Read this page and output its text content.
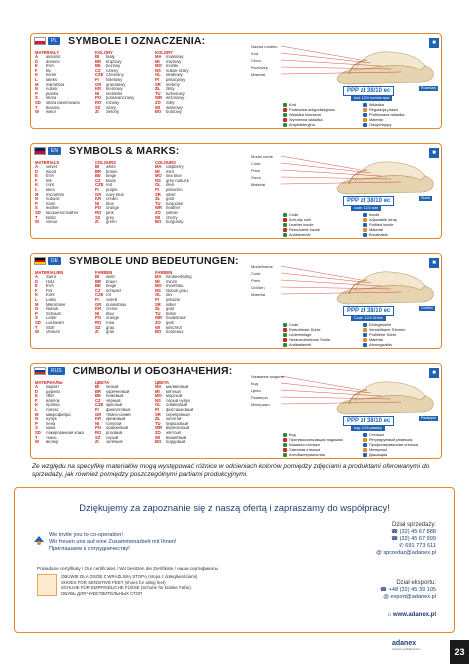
PL SYMBOLE I OZNACZENIA:
MATERIAŁY
A	aksamit
D	drewno
E	EVA
F	filc
K	korek
L	lateks
M	mikrofibra
N	nubuk
P	pianka
S	skóra
SD	skóra lakierowana
T	tkanina
W	welur
KOLORY
BI	biały
BR	brązowy
BE	beżowy
CZ	czarny
CZE czerwony
FI	fioletowy
GR	granatowy
KR	kremowy
NI	niebieski
PO	pomarańczowy
RÓ	różowy
SZ	szary
ZI	zielony
KOLORY
MA	malinowy
MI	miętowy
MO	morski
NS	nubuk szary
OL	oliwkowy
PI	pistacjowy
SR	srebrny
ZŁ	złoty
TU	turkusowy
WR wrzosowy
ŻÓ	żółty
WI	wiśniowy
BO	bordowy
Nazwa modelu
Kod
Cena
Rozmiary
Materiał
PPP zł 38/10 ec
kod: 12/4 rozmiar wpa
Rozmiary
■
Kod	Wkładka
Podeszwa antypoślizgowa	Regulacja paska
Wkładka skórzana	Profilowana wkładka
Wymienna wkładka	Materiał
Antybakteryjna	Oddychający
EN SYMBOLS & MARKS:
MATERIALS
A	velvet
D	wood
E	EVA
F	felt
K	cork
L	latex
M	microfibre
N	nubuck
P	foam
S	leather
SD	lacquered leather
T	fabric
W	velour
COLOURS
BI	white
BR	brown
BE	beige
CZ	black
CZE red
FI	purple
GR	navy blue
KR	cream
NI	blue
PO	orange
RÓ	pink
SZ	grey
ZI	green
COLOURS
MA	raspberry
MI	mint
MO	sea blue
NS	grey nubuck
OL	olive
PI	pistachio
SR	silver
ZŁ	gold
TU	turquoise
WR heather
ŻÓ	yellow
WI	cherry
BO	burgundy
Model name
Code
Price
Sizes
Material
PPP zł 38/10 ec
code: 12/4 size
Sizes
■
Code	Insole
Anti-slip sole	Adjustable strap
Leather insole	Profiled insole
Removable insole	Material
Antibacterial	Breathable
DE SYMBOLE UND BEDEUTUNGEN:
MATERIALIEN
A	Samt
D	Holz
E	EVA
F	Filz
K	Kork
L	Latex
M	Mikrofaser
N	Nubuk
P	Schaum
S	Leder
SD	Lackleder
T	Stoff
W	Velours
FARBEN
BI	weiß
BR	braun
BE	beige
CZ	schwarz
CZE rot
FI	violett
GR	dunkelblau
KR	creme
NI	blau
PO	orange
RÓ	rosa
SZ	grau
ZI	grün
FARBEN
MA	himbeerfarbig
MI	minze
MO	meerblau
NS	Nubuk grau
OL	oliv
PI	pistazie
SR	silber
ZŁ	gold
TU	türkis
WR heidekraut
ŻÓ	gelb
WI	kirschrot
BO	bordeaux
Modellname
Code
Preis
Größen
Material
PPP zł 38/10 ec
Code: 12/4 Größe
Größen
■
Code	Einlegesohle
Rutschfeste Sohle	Verstellbarer Riemen
Ledereinlage	Profilierte Sohle
Herausnehmbare Sohle	Material
Antibakteriell	Atmungsaktiv
RUS СИМВОЛЫ И ОБОЗНАЧЕНИЯ:
МАТЕРИАЛЫ
A	бархат
D	дерево
E	ЭВА
F	войлок
K	пробка
L	латекс
M	микрофибра
N	нубук
P	пена
S	кожа
SD	лакированная кожа
T	ткань
W	велюр
ЦВЕТА
BI	белый
BR	коричневый
BE	бежевый
CZ	чёрный
CZE красный
FI	фиолетовый
GR	тёмно-синий
KR	кремовый
NI	голубой
PO	оранжевый
RÓ	розовый
SZ	серый
ZI	зелёный
ЦВЕТА
MA	малиновый
MI	мятный
MO	морской
NS	серый нубук
OL	оливковый
PI	фисташковый
SR	серебряный
ZŁ	золотой
TU	бирюзовый
WR вересковый
ŻÓ	жёлтый
WI	вишнёвый
BO	бордовый
Название модели
Код
Цена
Размеры
Материал
PPP zł 38/10 ec
код: 12/4 размер
Размеры
■
Код	Стелька
Противоскользящая подошва	Регулируемый ремешок
Кожаная стелька	Профилированная стелька
Сменная стелька	Материал
Антибактериальная	Дышащая
Ze względu na specyfikę materiałów mogą występować różnice w odcieniach kolorów pomiędzy zdjęciami a produktami oferowanymi do sprzedaży, jak również pomiędzy poszczególnymi partiami produkcyjnymi.
Dziękujemy za zapoznanie się z naszą ofertą i zapraszamy do współpracy!
We invite you to co-operation!
Wir freuen uns auf eine Zusammenarbeit mit Ihnen!
Приглашаем к сотрудничеству!
Dział sprzedaży:
☎ (32) 45 67 888
☎ (32) 45 67 999
✆ 691 773 611
@ sprzedaz@adanex.pl
Posiadane certyfikaty / Our certificates / Wir besitzen die Zertifikate / наши сертификаты
OBUWIE DLA OSÓB Z WRAŻLIWĄ STOPĄ (stopa z dolegliwościami)
SHOES FOR SENSITIVE FEET (shoes for ailing feet)
SCHUHE FÜR EMPFINDLICHE FÜSSE (Schuhe für kranke Füße)
ОБУВЬ ДЛЯ ЧУВСТВИТЕЛЬНЫХ СТОП
Dział eksportu:
☎ +48 (32) 45 39 105
@ export@adanex.pl
⌂ www.adanex.pl
adanex
obuwie profilaktyczne	23
